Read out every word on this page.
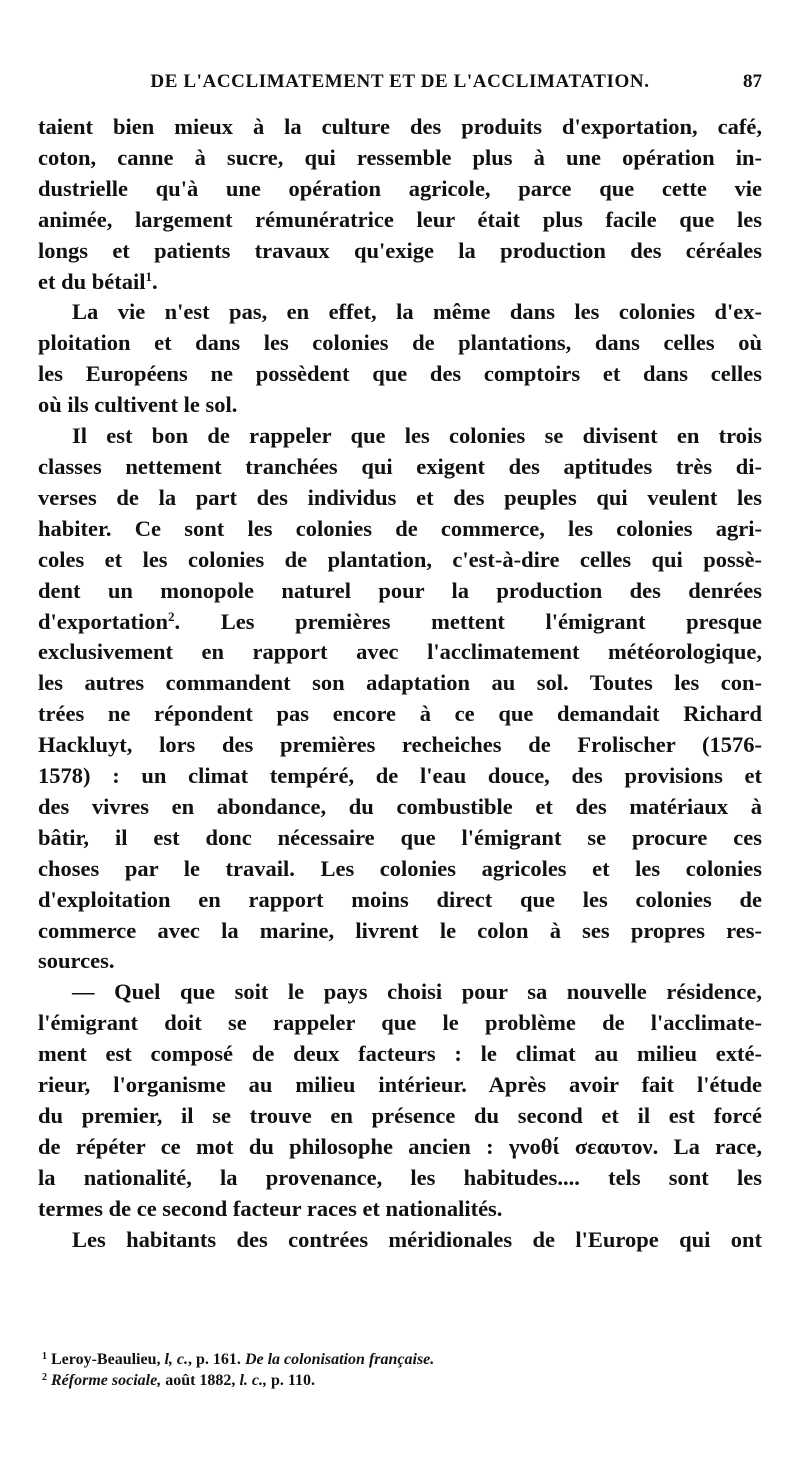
DE L'ACCLIMATEMENT ET DE L'ACCLIMATATION.	87

taient bien mieux à la culture des produits d'exportation, café,
coton, canne à sucre, qui ressemble plus à une opération in-
dustrielle qu'à une opération agricole, parce que cette vie
animée, largement rémunératrice leur était plus facile que les
longs et patients travaux qu'exige la production des céréales
et du bétail$^1$.

La vie n'est pas, en effet, la même dans les colonies d'ex-
ploitation et dans les colonies de plantations, dans celles où
les Européens ne possèdent que des comptoirs et dans celles
où ils cultivent le sol.

Il est bon de rappeler que les colonies se divisent en trois
classes nettement tranchées qui exigent des aptitudes très di-
verses de la part des individus et des peuples qui veulent les
habiter. Ce sont les colonies de commerce, les colonies agri-
coles et les colonies de plantation, c'est-à-dire celles qui possè-
dent un monopole naturel pour la production des denrées
d'exportation$^2$. Les premières mettent l'émigrant presque
exclusivement en rapport avec l'acclimatement météorologique,
les autres commandent son adaptation au sol. Toutes les con-
trées ne répondent pas encore à ce que demandait Richard
Hackluyt, lors des premières recheiches de Frolischer (1576-
1578) : un climat tempéré, de l'eau douce, des provisions et
des vivres en abondance, du combustible et des matériaux à
bâtir, il est donc nécessaire que l'émigrant se procure ces
choses par le travail. Les colonies agricoles et les colonies
d'exploitation en rapport moins direct que les colonies de
commerce avec la marine, livrent le colon à ses propres res-
sources.

— Quel que soit le pays choisi pour sa nouvelle résidence,
l'émigrant doit se rappeler que le problème de l'acclimate-
ment est composé de deux facteurs : le climat au milieu exté-
rieur, l'organisme au milieu intérieur. Après avoir fait l'étude
du premier, il se trouve en présence du second et il est forcé
de répéter ce mot du philosophe ancien : γνοθί σεαυτον. La race,
la nationalité, la provenance, les habitudes.... tels sont les
termes de ce second facteur races et nationalités.

Les habitants des contrées méridionales de l'Europe qui ont

$^1$ Leroy-Beaulieu, l, c., p. 161. De la colonisation française.

$^2$ Réforme sociale, août 1882, l. c., p. 110.
